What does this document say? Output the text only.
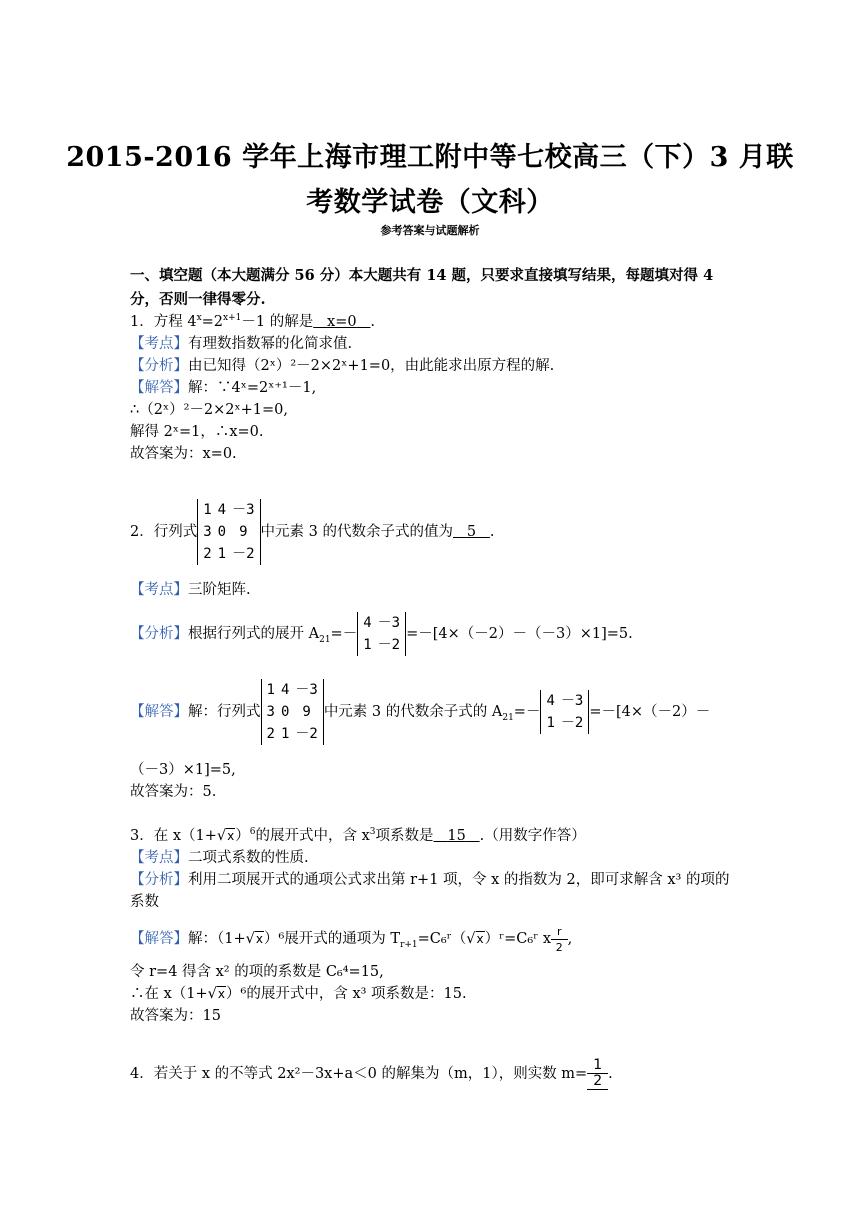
2015-2016 学年上海市理工附中等七校高三（下）3 月联
考数学试卷（文科）
参考答案与试题解析
一、填空题（本大题满分 56 分）本大题共有 14 题，只要求直接填写结果，每题填对得 4
分，否则一律得零分.
1．方程 $4^x=2^{x+1}-1$ 的解是 x=0 .
【考点】有理数指数幂的化简求值.
【分析】由已知得（2ˣ）²－2×2ˣ+1=0，由此能求出原方程的解.
【解答】解：∵4ˣ=2ˣ⁺¹－1,
∴（2ˣ）²－2×2ˣ+1=0,
解得 2ˣ=1，∴x=0.
故答案为：x=0.
2．行列式
1	4	－3
3	0	9
2	1	－2
中元素 3 的代数余子式的值为 5 .
【考点】三阶矩阵.
【分析】根据行列式的展开 $A_{21}=-$
4	－3
1	－2
=－[4×（－2）－（－3）×1]=5.
【解答】解：行列式
1	4	－3
3	0	9
2	1	－2
中元素 3 的代数余子式的 $A_{21}=-$
4	－3
1	－2
=－[4×（－2）－
（－3）×1]=5,
故答案为：5.
3．在 $x(1+√x)^6$的展开式中，含 $x^3$项系数是 15 .（用数字作答）
【考点】二项式系数的性质.
【分析】利用二项展开式的通项公式求出第 r+1 项，令 x 的指数为 2，即可求解含 x³ 的项的
系数
【解答】解：（1+√x）⁶展开式的通项为 $T_{r+1}=C_6ʳ(√x)ʳ=C_6ʳ$ x $\frac{r}{2}$ ,
令 r=4 得含 x² 的项的系数是 C₆⁴=15,
∴在 x（1+√x）⁶的展开式中，含 x³ 项系数是：15.
故答案为：15
4．若关于 x 的不等式 2x²－3x+a＜0 的解集为（m，1），则实数 $m= \frac{1}{2}$ .
